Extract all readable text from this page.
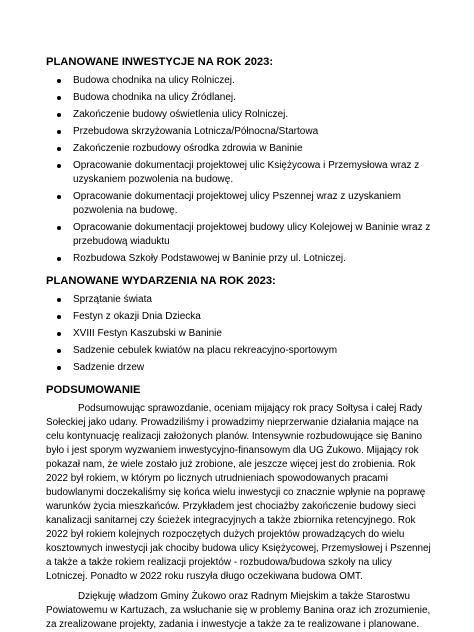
PLANOWANE INWESTYCJE NA ROK 2023:
Budowa chodnika na ulicy Rolniczej.
Budowa chodnika na ulicy Źródlanej.
Zakończenie budowy oświetlenia ulicy Rolniczej.
Przebudowa skrzyżowania Lotnicza/Północna/Startowa
Zakończenie rozbudowy ośrodka zdrowia w Baninie
Opracowanie dokumentacji projektowej ulic Księżycowa i Przemysłowa wraz z uzyskaniem pozwolenia na budowę.
Opracowanie dokumentacji projektowej ulicy Pszennej wraz z uzyskaniem pozwolenia na budowę.
Opracowanie dokumentacji projektowej budowy ulicy Kolejowej w Baninie wraz z przebudową wiaduktu
Rozbudowa Szkoły Podstawowej w Baninie przy ul. Lotniczej.
PLANOWANE WYDARZENIA NA ROK 2023:
Sprzątanie świata
Festyn z okazji Dnia Dziecka
XVIII Festyn Kaszubski w Baninie
Sadzenie cebulek kwiatów na placu rekreacyjno-sportowym
Sadzenie drzew
PODSUMOWANIE

Podsumowując sprawozdanie, oceniam mijający rok pracy Sołtysa i całej Rady Sołeckiej jako udany. Prowadziliśmy i prowadzimy nieprzerwanie działania mające na celu kontynuację realizacji założonych planów. Intensywnie rozbudowujące się Banino było i jest sporym wyzwaniem inwestycyjno-finansowym dla UG Żukowo. Mijający rok pokazał nam, że wiele zostało już zrobione, ale jeszcze więcej jest do zrobienia. Rok 2022 był rokiem, w którym po licznych utrudnieniach spowodowanych pracami budowlanymi doczekaliśmy się końca wielu inwestycji co znacznie wpłynie na poprawę warunków życia mieszkańców. Przykładem jest chociażby zakończenie budowy sieci kanalizacji sanitarnej czy ścieżek integracyjnych a także zbiornika retencyjnego. Rok 2022 był rokiem kolejnych rozpoczętych dużych projektów prowadzących do wielu kosztownych inwestycji jak chociby budowa ulicy Księżycowej, Przemysłowej i Pszennej a także a także rokiem realizacji projektów - rozbudowa/budowa szkoły na ulicy Lotniczej. Ponadto w 2022 roku ruszyła długo oczekiwana budowa OMT.

Dziękuję władzom Gminy Żukowo oraz Radnym Miejskim a także Starostwu Powiatowemu w Kartuzach, za wsłuchanie się w problemy Banina oraz ich zrozumienie, za zrealizowane projekty, zadania i inwestycje a także za te realizowane i planowane.
